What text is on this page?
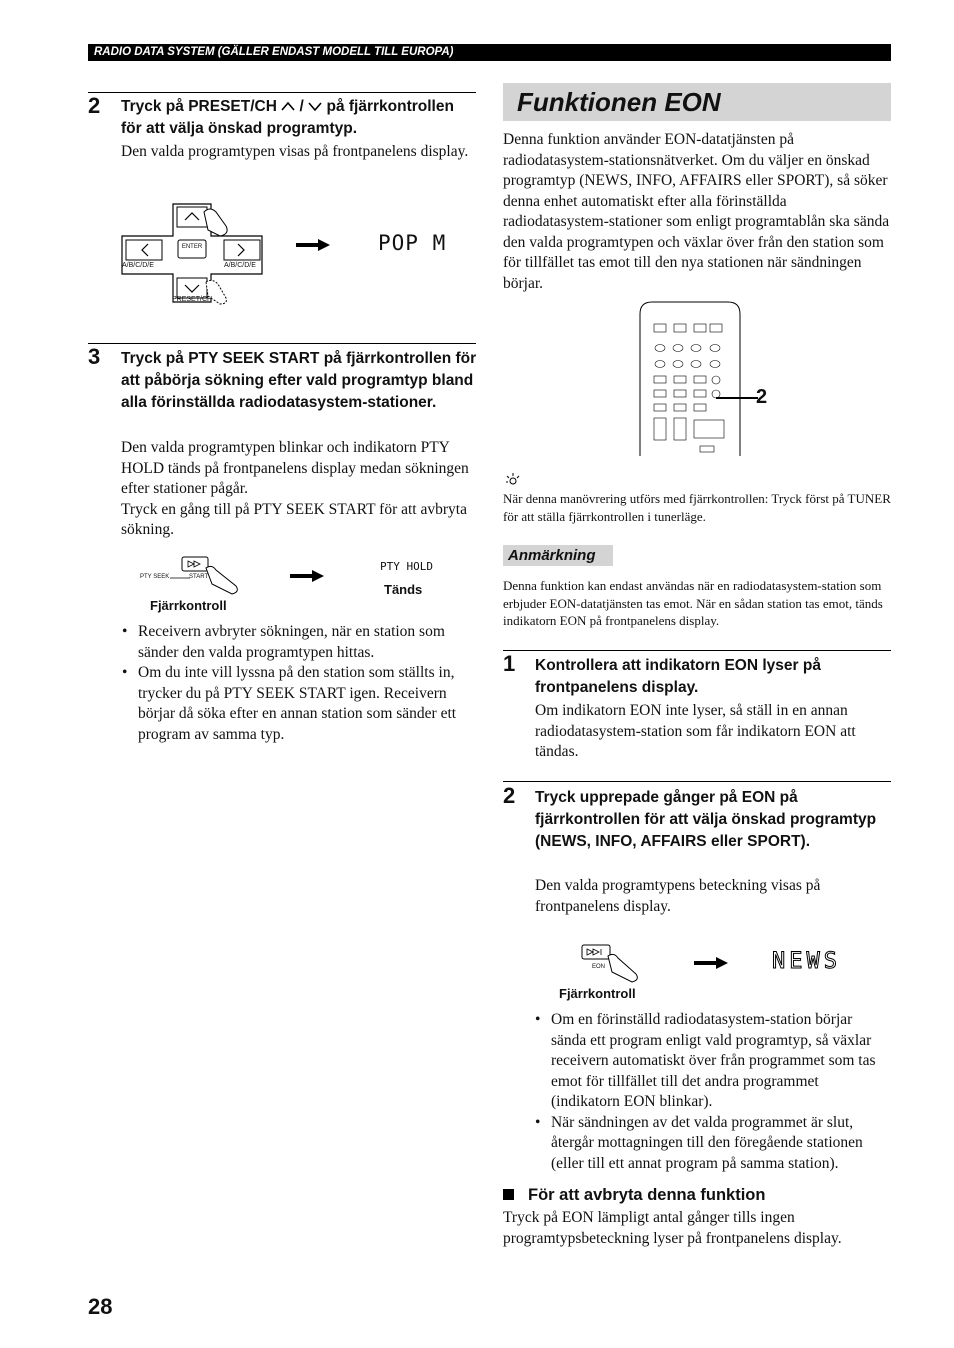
RADIO DATA SYSTEM (GÄLLER ENDAST MODELL TILL EUROPA)
2 Tryck på PRESET/CH / på fjärrkontrollen
för att välja önskad programtyp.
Den valda programtypen visas på frontpanelens display.
ENTER
A/B/C/D/E	A/B/C/D/E
PRESET/CH
POP M
3 Tryck på PTY SEEK START på fjärrkontrollen för att påbörja sökning efter vald programtyp bland alla förinställda radiodatasystem-stationer.
Den valda programtypen blinkar och indikatorn PTY HOLD tänds på frontpanelens display medan sökningen efter stationer pågår.
Tryck en gång till på PTY SEEK START för att avbryta sökning.
PTY SEEK	START
Fjärrkontroll
PTY HOLD
Tänds
• Receivern avbryter sökningen, när en station som sänder den valda programtypen hittas.
• Om du inte vill lyssna på den station som ställts in, trycker du på PTY SEEK START igen. Receivern börjar då söka efter en annan station som sänder ett program av samma typ.
28
Funktionen EON
Denna funktion använder EON-datatjänsten på radiodatasystem-stationsnätverket. Om du väljer en önskad programtyp (NEWS, INFO, AFFAIRS eller SPORT), så söker denna enhet automatiskt efter alla förinställda radiodatasystem-stationer som enligt programtablån ska sända den valda programtypen och växlar över från den station som för tillfället tas emot till den nya stationen när sändningen börjar.
2
När denna manövrering utförs med fjärrkontrollen: Tryck först på TUNER för att ställa fjärrkontrollen i tunerläge.
Anmärkning
Denna funktion kan endast användas när en radiodatasystem-station som erbjuder EON-datatjänsten tas emot. När en sådan station tas emot, tänds indikatorn EON på frontpanelens display.
1 Kontrollera att indikatorn EON lyser på frontpanelens display.
Om indikatorn EON inte lyser, så ställ in en annan radiodatasystem-station som får indikatorn EON att tändas.
2 Tryck upprepade gånger på EON på fjärrkontrollen för att välja önskad programtyp (NEWS, INFO, AFFAIRS eller SPORT).
Den valda programtypens beteckning visas på frontpanelens display.
EON
Fjärrkontroll
NEWS
• Om en förinställd radiodatasystem-station börjar sända ett program enligt vald programtyp, så växlar receivern automatiskt över från programmet som tas emot för tillfället till det andra programmet (indikatorn EON blinkar).
• När sändningen av det valda programmet är slut, återgår mottagningen till den föregående stationen (eller till ett annat program på samma station).
För att avbryta denna funktion
Tryck på EON lämpligt antal gånger tills ingen programtypsbeteckning lyser på frontpanelens display.
